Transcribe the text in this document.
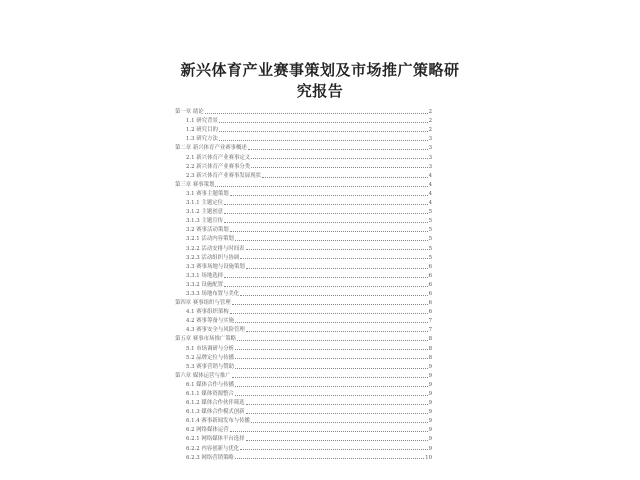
新兴体育产业赛事策划及市场推广策略研
究报告
第一章 绪论	2
1.1 研究背景	2
1.2 研究目的	2
1.3 研究方法	3
第二章 新兴体育产业赛事概述	3
2.1 新兴体育产业赛事定义	3
2.2 新兴体育产业赛事分类	3
2.3 新兴体育产业赛事发展现状	4
第三章 赛事策划	4
3.1 赛事主题策划	4
3.1.1 主题定位	4
3.1.2 主题创意	5
3.1.3 主题宣传	5
3.2 赛事活动策划	5
3.2.1 活动内容策划	5
3.2.2 活动安排与时间表	5
3.2.3 活动组织与协调	5
3.3 赛事场地与设施策划	6
3.3.1 场地选择	6
3.3.2 设施配置	6
3.3.3 场地布置与美化	6
第四章 赛事组织与管理	6
4.1 赛事组织架构	6
4.2 赛事筹备与实施	7
4.3 赛事安全与风险管理	7
第五章 赛事市场推广策略	8
5.1 市场调研与分析	8
5.2 品牌定位与传播	8
5.3 赛事营销与赞助	9
第六章 媒体运营与推广	9
6.1 媒体合作与传播	9
6.1.1 媒体资源整合	9
6.1.2 媒体合作伙伴筛选	9
6.1.3 媒体合作模式创新	9
6.1.4 赛事新闻发布与传播	9
6.2 网络媒体运营	9
6.2.1 网络媒体平台选择	9
6.2.2 内容创新与优化	9
6.2.3 网络营销策略	10
